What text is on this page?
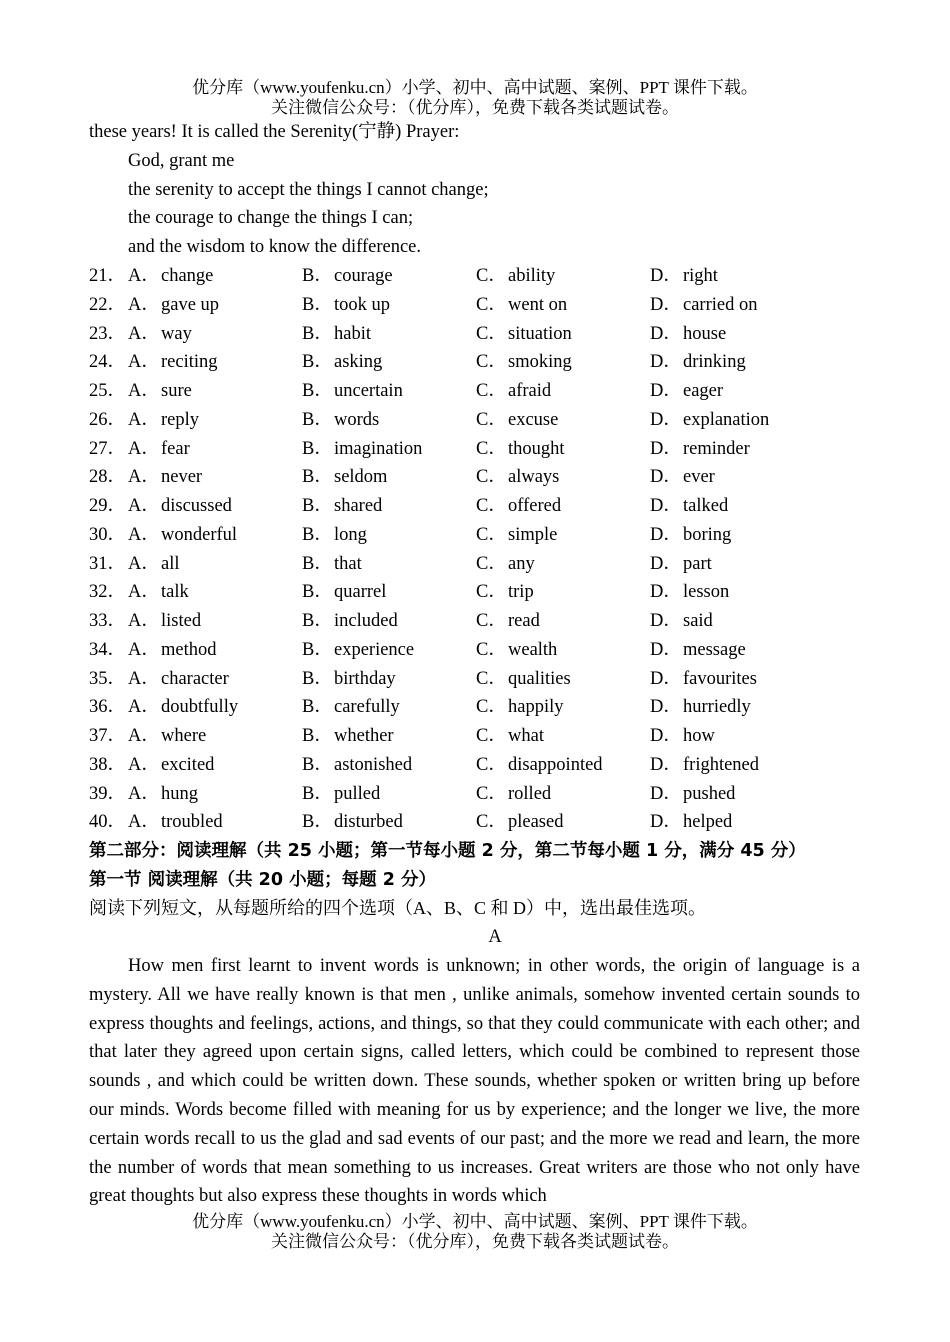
优分库（www.youfenku.cn）小学、初中、高中试题、案例、PPT 课件下载。
关注微信公众号：（优分库），免费下载各类试题试卷。
these years! It is called the Serenity(宁静) Prayer:
God, grant me
the serenity to accept the things I cannot change;
the courage to change the things I can;
and the wisdom to know the difference.
21． A． change	B． courage	C． ability	D． right
22． A． gave up	B． took up	C． went on	D． carried on
23． A． way	B． habit	C． situation	D． house
24． A． reciting	B． asking	C． smoking	D． drinking
25． A． sure	B． uncertain	C． afraid	D． eager
26． A． reply	B． words	C． excuse	D． explanation
27． A． fear	B． imagination	C． thought	D． reminder
28． A． never	B． seldom	C． always	D． ever
29． A． discussed	B． shared	C． offered	D． talked
30． A． wonderful	B． long	C． simple	D． boring
31． A． all	B． that	C． any	D． part
32． A． talk	B． quarrel	C． trip	D． lesson
33． A． listed	B． included	C． read	D． said
34． A． method	B． experience	C． wealth	D． message
35． A． character	B． birthday	C． qualities	D． favourites
36． A． doubtfully	B． carefully	C． happily	D． hurriedly
37． A． where	B． whether	C． what	D． how
38． A． excited	B． astonished	C． disappointed	D． frightened
39． A． hung	B． pulled	C． rolled	D． pushed
40． A． troubled	B． disturbed	C． pleased	D． helped
第二部分：阅读理解（共 25 小题；第一节每小题 2 分，第二节每小题 1 分，满分 45 分）
第一节 阅读理解（共 20 小题；每题 2 分）
阅读下列短文，从每题所给的四个选项（A、B、C 和 D）中，选出最佳选项。
A

How men first learnt to invent words is unknown; in other words, the origin of language is a mystery. All we have really known is that men , unlike animals, somehow invented certain sounds to express thoughts and feelings, actions, and things, so that they could communicate with each other; and that later they agreed upon certain signs, called letters, which could be combined to represent those sounds , and which could be written down. These sounds, whether spoken or written bring up before our minds. Words become filled with meaning for us by experience; and the longer we live, the more certain words recall to us the glad and sad events of our past; and the more we read and learn, the more the number of words that mean something to us increases. Great writers are those who not only have great thoughts but also express these thoughts in words which

优分库（www.youfenku.cn）小学、初中、高中试题、案例、PPT 课件下载。
关注微信公众号：（优分库），免费下载各类试题试卷。
